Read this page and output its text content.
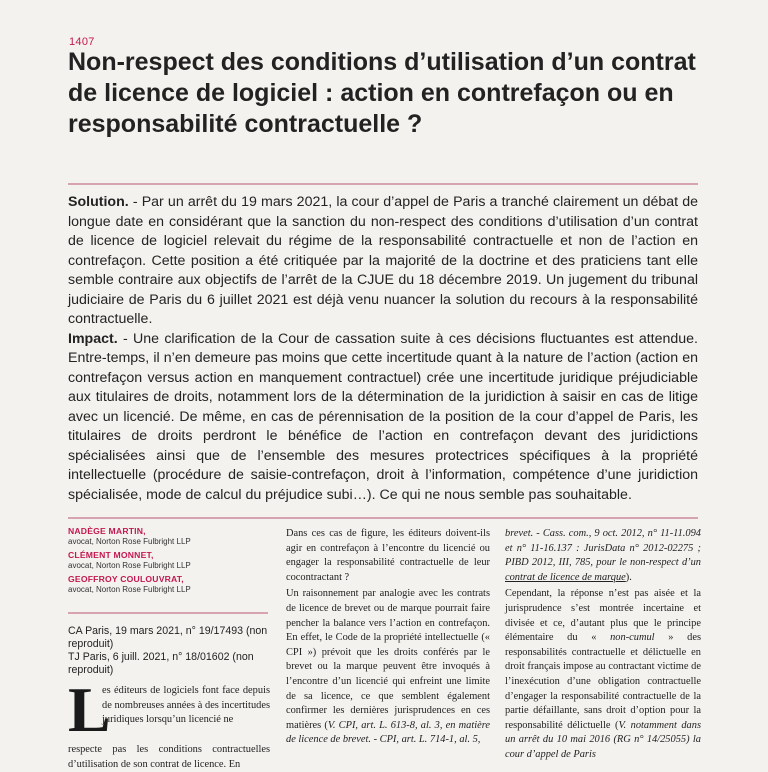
1407
Non-respect des conditions d’utilisation d’un contrat de licence de logiciel : action en contrefaçon ou en responsabilité contractuelle ?

Solution. - Par un arrêt du 19 mars 2021, la cour d’appel de Paris a tranché clairement un débat de longue date en considérant que la sanction du non-respect des conditions d’utilisation d’un contrat de licence de logiciel relevait du régime de la responsabilité contractuelle et non de l’action en contrefaçon. Cette position a été critiquée par la majorité de la doctrine et des praticiens tant elle semble contraire aux objectifs de l’arrêt de la CJUE du 18 décembre 2019. Un jugement du tribunal judiciaire de Paris du 6 juillet 2021 est déjà venu nuancer la solution du recours à la responsabilité contractuelle.

Impact. - Une clarification de la Cour de cassation suite à ces décisions fluctuantes est attendue. Entre-temps, il n’en demeure pas moins que cette incertitude quant à la nature de l’action (action en contrefaçon versus action en manquement contractuel) crée une incertitude juridique préjudiciable aux titulaires de droits, notamment lors de la détermination de la juridiction à saisir en cas de litige avec un licencié. De même, en cas de pérennisation de la position de la cour d’appel de Paris, les titulaires de droits perdront le bénéfice de l’action en contrefaçon devant des juridictions spécialisées ainsi que de l’ensemble des mesures protectrices spécifiques à la propriété intellectuelle (procédure de saisie-contrefaçon, droit à l’information, compétence d’une juridiction spécialisée, mode de calcul du préjudice subi…). Ce qui ne nous semble pas souhaitable.

NADÈGE MARTIN,
avocat, Norton Rose Fulbright LLP
CLÉMENT MONNET,
avocat, Norton Rose Fulbright LLP
GEOFFROY COULOUVRAT,
avocat, Norton Rose Fulbright LLP
CA Paris, 19 mars 2021, n° 19/17493 (non reproduit)
TJ Paris, 6 juill. 2021, n° 18/01602 (non reproduit)
L
es éditeurs de logiciels font face depuis de nombreuses années à des incertitudes juridiques lorsqu’un licencié ne
respecte pas les conditions contractuelles d’utilisation de son contrat de licence. En

Dans ces cas de figure, les éditeurs doivent-ils agir en contrefaçon à l’encontre du licencié ou engager la responsabilité contractuelle de leur cocontractant ?

Un raisonnement par analogie avec les contrats de licence de brevet ou de marque pourrait faire pencher la balance vers l’action en contrefaçon. En effet, le Code de la propriété intellectuelle (« CPI ») prévoit que les droits conférés par le brevet ou la marque peuvent être invoqués à l’encontre d’un licencié qui enfreint une limite de sa licence, ce que semblent également confirmer les dernières jurisprudences en ces matières (V. CPI, art. L. 613-8, al. 3, en matière de licence de brevet. - CPI, art. L. 714-1, al. 5,

brevet. - Cass. com., 9 oct. 2012, n° 11-11.094 et n° 11-16.137 : JurisData n° 2012-02275 ; PIBD 2012, III, 785, pour le non-respect d’un contrat de licence de marque).

Cependant, la réponse n’est pas aisée et la jurisprudence s’est montrée incertaine et divisée et ce, d’autant plus que le principe élémentaire du « non-cumul » des responsabilités contractuelle et délictuelle en droit français impose au contractant victime de l’inexécution d’une obligation contractuelle d’engager la responsabilité contractuelle de la partie défaillante, sans droit d’option pour la responsabilité délictuelle (V. notamment dans un arrêt du 10 mai 2016 (RG n° 14/25055) la cour d’appel de Paris
